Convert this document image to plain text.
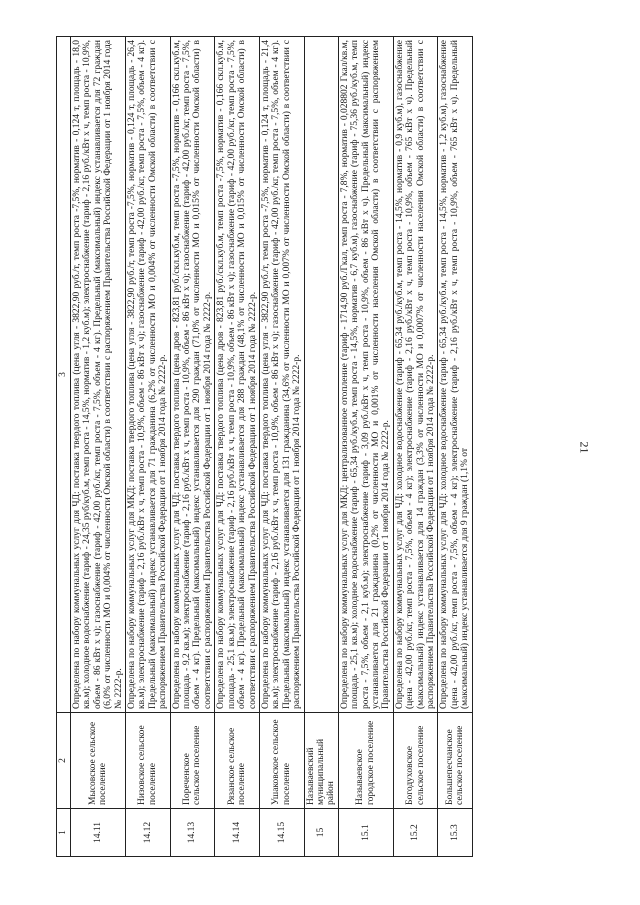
21
1	2	3
14.11	Мысовское сельское поселение	Определена по набору коммунальных услуг для ЧД: поставка твердого топлива (цена угля - 3822,90 руб./т, темп роста -7,5%, норматив - 0,124 т, площадь - 18,0 кв.м); холодное водоснабжение (тариф - 24,35 руб/куб.м, темп роста - 14,5%, норматив - 1,2 куб.м); электроснабжение (тариф - 2,16 руб./кВт х ч, темп роста - 10,9%, объем - 86 кВт х ч); газоснабжение (тариф - 42,00 руб./кг, темп роста - 7,5%, объем - 4 кг). Предельный (максимальный) индекс устанавливается для 72 граждан (6,0% от численности МО и 0,004% от численности Омской области) в соответствии с распоряжением Правительства Российской Федерации от 1 ноября 2014 года № 2222-р.
14.12	Низовское сельское поселение	Определена по набору коммунальных услуг для МКД: поставка твердого топлива (цена угля - 3822,90 руб./т, темп роста -7,5%, норматив - 0,124 т, площадь - 26,4 кв.м); электроснабжение (тариф - 2,16 руб./кВт х ч, темп роста - 10,9%, объем - 86 кВт х ч); газоснабжение (тариф - 42,00 руб./кг, темп роста - 7,5%, объем - 4 кг). Предельный (максимальный) индекс устанавливается для 71 гражданина (6,2% от численности МО и 0,004% от численности Омской области) в соответствии с распоряжением Правительства Российской Федерации от 1 ноября 2014 года № 2222-р.
14.13	Пореченское сельское поселение	Определена по набору коммунальных услуг для ЧД: поставка твердого топлива (цена дров - 823,81 руб./скл.куб.м, темп роста -7,5%, норматив - 0,166 скл.куб.м, площадь - 9,2 кв.м); электроснабжение (тариф - 2,16 руб./кВт х ч, темп роста - 10,9%, объем - 86 кВт х ч); газоснабжение (тариф - 42,00 руб./кг, темп роста - 7,5%, объем - 4 кг). Предельный (максимальный) индекс устанавливается для 290 граждан (71,0% от численности МО и 0,015% от численности Омской области) в соответствии с распоряжением Правительства Российской Федерации от 1 ноября 2014 года № 2222-р.
14.14	Рязанское сельское поселение	Определена по набору коммунальных услуг для ЧД: поставка твердого топлива (цена дров - 823,81 руб./скл.куб.м, темп роста -7,5%, норматив - 0,166 скл.куб.м, площадь - 25,1 кв.м); электроснабжение (тариф - 2,16 руб./кВт х ч, темп роста - 10,9%, объем - 86 кВт х ч); газоснабжение (тариф - 42,00 руб./кг, темп роста - 7,5%, объем - 4 кг). Предельный (максимальный) индекс устанавливается для 288 граждан (48,1% от численности МО и 0,015% от численности Омской области) в соответствии с распоряжением Правительства Российской Федерации от 1 ноября 2014 года № 2222-р.
14.15	Ушаковское сельское поселение	Определена по набору коммунальных услуг для ЧД: поставка твердого топлива (цена угля - 3822,90 руб./т, темп роста -7,5%, норматив - 0,124 т, площадь - 21,4 кв.м); электроснабжение (тариф - 2,16 руб./кВт х ч, темп роста - 10,9%, объем - 86 кВт х ч); газоснабжение (тариф - 42,00 руб./кг, темп роста - 7,5%, объем - 4 кг). Предельный (максимальный) индекс устанавливается для 131 гражданина (34,6% от численности МО и 0,007% от численности Омской области) в соответствии с распоряжением Правительства Российской Федерации от 1 ноября 2014 года № 2222-р.
15	Называевский муниципальный район	
15.1	Называевское городское поселение	Определена по набору коммунальных услуг для МКД: централизованное отопление (тариф - 1714,90 руб./Гкал, темп роста - 7,8%, норматив - 0,028802 Гкал/кв.м, площадь - 25,1 кв.м); холодное водоснабжение (тариф - 65,34 руб./куб.м, темп роста - 14,5%, норматив - 6,7 куб.м), газоснабжение (тариф - 75,36 руб./куб.м, темп роста - 7,5%, объем - 2,1 куб.м); электроснабжение (тариф - 3,09 руб./кВт х ч, темп роста - 10,9%, объем - 86 кВт х ч). Предельный (максимальный) индекс устанавливается для 21 гражданина (0,2% от численности МО и 0,001% от численности населения Омской области) в соответствии с распоряжением Правительства Российской Федерации от 1 ноября 2014 года № 2222-р.
15.2	Богодуховское сельское поселение	Определена по набору коммунальных услуг для ЧД: холодное водоснабжение (тариф - 65,34 руб./куб.м, темп роста - 14,5%, норматив - 0,9 куб.м), газоснабжение (цена - 42,00 руб./кг, темп роста - 7,5%, объем - 4 кг); электроснабжение (тариф - 2,16 руб./кВт х ч, темп роста - 10,9%, объем - 765 кВт х ч). Предельный (максимальный) индекс устанавливается для 14 граждан (3,3% от численности МО и 0,0007% от численности населения Омской области) в соответствии с распоряжением Правительства Российской Федерации от 1 ноября 2014 года № 2222-р.
15.3	Большепесчанское сельское поселение	Определена по набору коммунальных услуг для ЧД: холодное водоснабжение (тариф - 65,34 руб./куб.м, темп роста - 14,5%, норматив - 1,2 куб.м), газоснабжение (цена - 42,00 руб./кг, темп роста - 7,5%, объем - 4 кг); электроснабжение (тариф - 2,16 руб./кВт х ч, темп роста - 10,9%, объем - 765 кВт х ч). Предельный (максимальный) индекс устанавливается для 9 граждан (1,1% от
